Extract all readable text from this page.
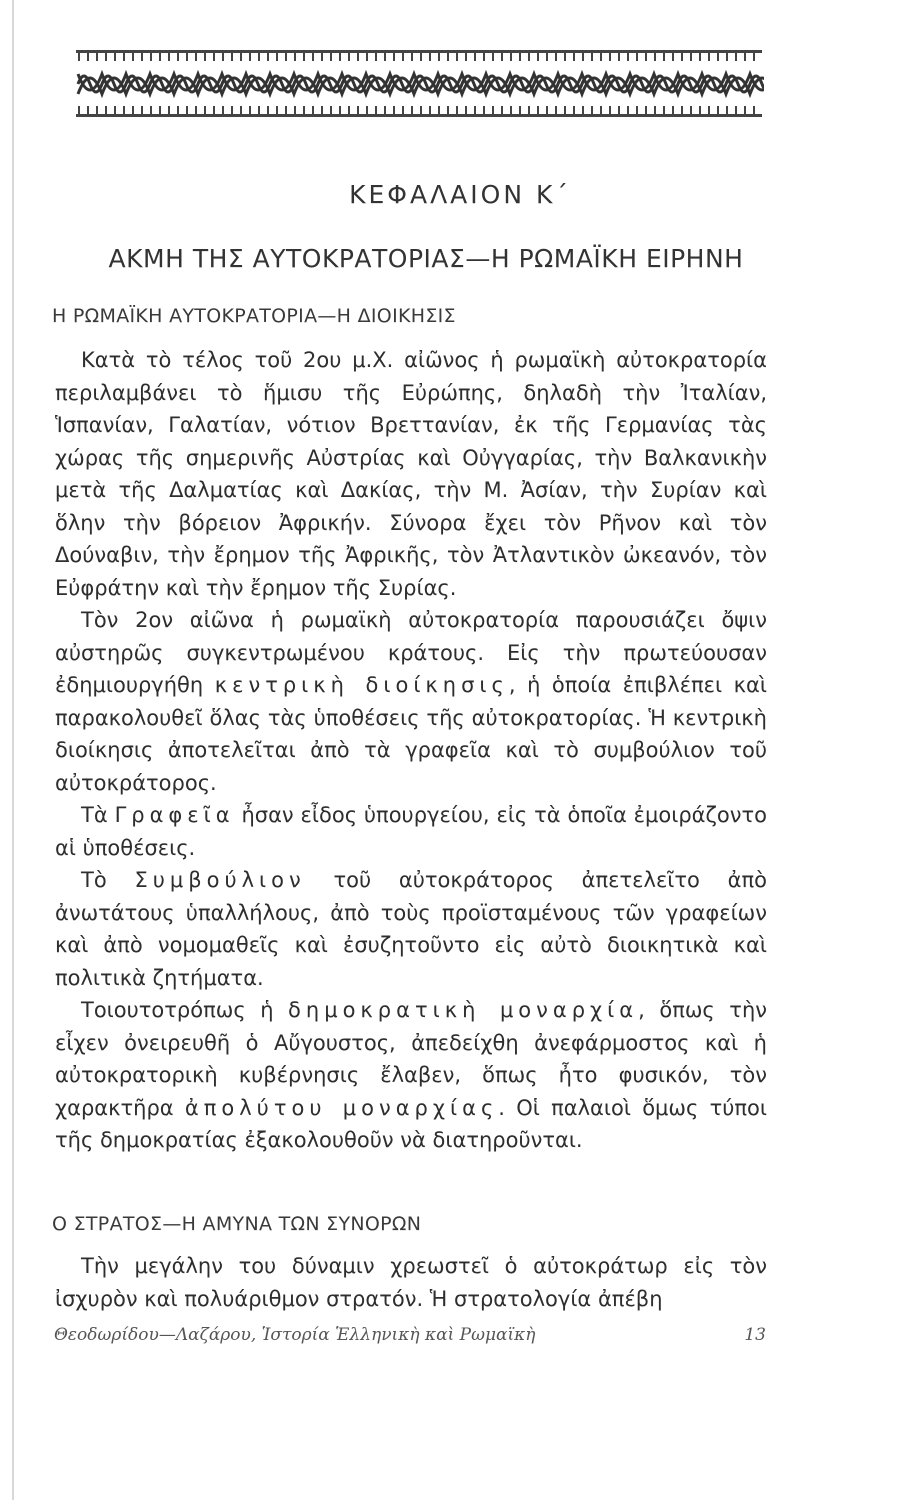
ΚΕΦΑΛΑΙΟΝ Κ΄
ΑΚΜΗ ΤΗΣ ΑΥΤΟΚΡΑΤΟΡΙΑΣ—Η ΡΩΜΑΪΚΗ ΕΙΡΗΝΗ
Η ΡΩΜΑΪΚΗ ΑΥΤΟΚΡΑΤΟΡΙΑ—Η ΔΙΟΙΚΗΣΙΣ

Κατὰ τὸ τέλος τοῦ 2ου μ.Χ. αἰῶνος ἡ ρωμαϊκὴ αὐτοκρατορία περιλαμβάνει τὸ ἥμισυ τῆς Εὐρώπης, δηλαδὴ τὴν Ἰταλίαν, Ἱσπανίαν, Γαλατίαν, νότιον Βρεττανίαν, ἐκ τῆς Γερμανίας τὰς χώρας τῆς σημερινῆς Αὐστρίας καὶ Οὐγγαρίας, τὴν Βαλκανικὴν μετὰ τῆς Δαλματίας καὶ Δακίας, τὴν Μ. Ἀσίαν, τὴν Συρίαν καὶ ὅλην τὴν βόρειον Ἀφρικήν. Σύνορα ἔχει τὸν Ρῆνον καὶ τὸν Δούναβιν, τὴν ἔρημον τῆς Ἀφρικῆς, τὸν Ἀτλαντικὸν ὠκεανόν, τὸν Εὐφράτην καὶ τὴν ἔρημον τῆς Συρίας.

Τὸν 2ον αἰῶνα ἡ ρωμαϊκὴ αὐτοκρατορία παρουσιάζει ὄψιν αὐστηρῶς συγκεντρωμένου κράτους. Εἰς τὴν πρωτεύουσαν ἐδημιουργήθη κεντρικὴ διοίκησις, ἡ ὁποία ἐπιβλέπει καὶ παρακολουθεῖ ὅλας τὰς ὑποθέσεις τῆς αὐτοκρατορίας. Ἡ κεντρικὴ διοίκησις ἀποτελεῖται ἀπὸ τὰ γραφεῖα καὶ τὸ συμβούλιον τοῦ αὐτοκράτορος.

Τὰ Γραφεῖα ἦσαν εἶδος ὑπουργείου, εἰς τὰ ὁποῖα ἐμοιράζοντο αἱ ὑποθέσεις.

Τὸ Συμβούλιον τοῦ αὐτοκράτορος ἀπετελεῖτο ἀπὸ ἀνωτάτους ὑπαλλήλους, ἀπὸ τοὺς προϊσταμένους τῶν γραφείων καὶ ἀπὸ νομομαθεῖς καὶ ἐσυζητοῦντο εἰς αὐτὸ διοικητικὰ καὶ πολιτικὰ ζητήματα.

Τοιουτοτρόπως ἡ δημοκρατικὴ μοναρχία, ὅπως τὴν εἶχεν ὀνειρευθῆ ὁ Αὔγουστος, ἀπεδείχθη ἀνεφάρμοστος καὶ ἡ αὐτοκρατορικὴ κυβέρνησις ἔλαβεν, ὅπως ἦτο φυσικόν, τὸν χαρακτῆρα ἀπολύτου μοναρχίας. Οἱ παλαιοὶ ὅμως τύποι τῆς δημοκρατίας ἐξακολουθοῦν νὰ διατηροῦνται.

Ο ΣΤΡΑΤΟΣ—Η ΑΜΥΝΑ ΤΩΝ ΣΥΝΟΡΩΝ

Τὴν μεγάλην του δύναμιν χρεωστεῖ ὁ αὐτοκράτωρ εἰς τὸν ἰσχυρὸν καὶ πολυάριθμον στρατόν. Ἡ στρατολογία ἀπέβη

Θεοδωρίδου—Λαζάρου, Ἱστορία Ἑλληνικὴ καὶ Ρωμαϊκὴ	13
